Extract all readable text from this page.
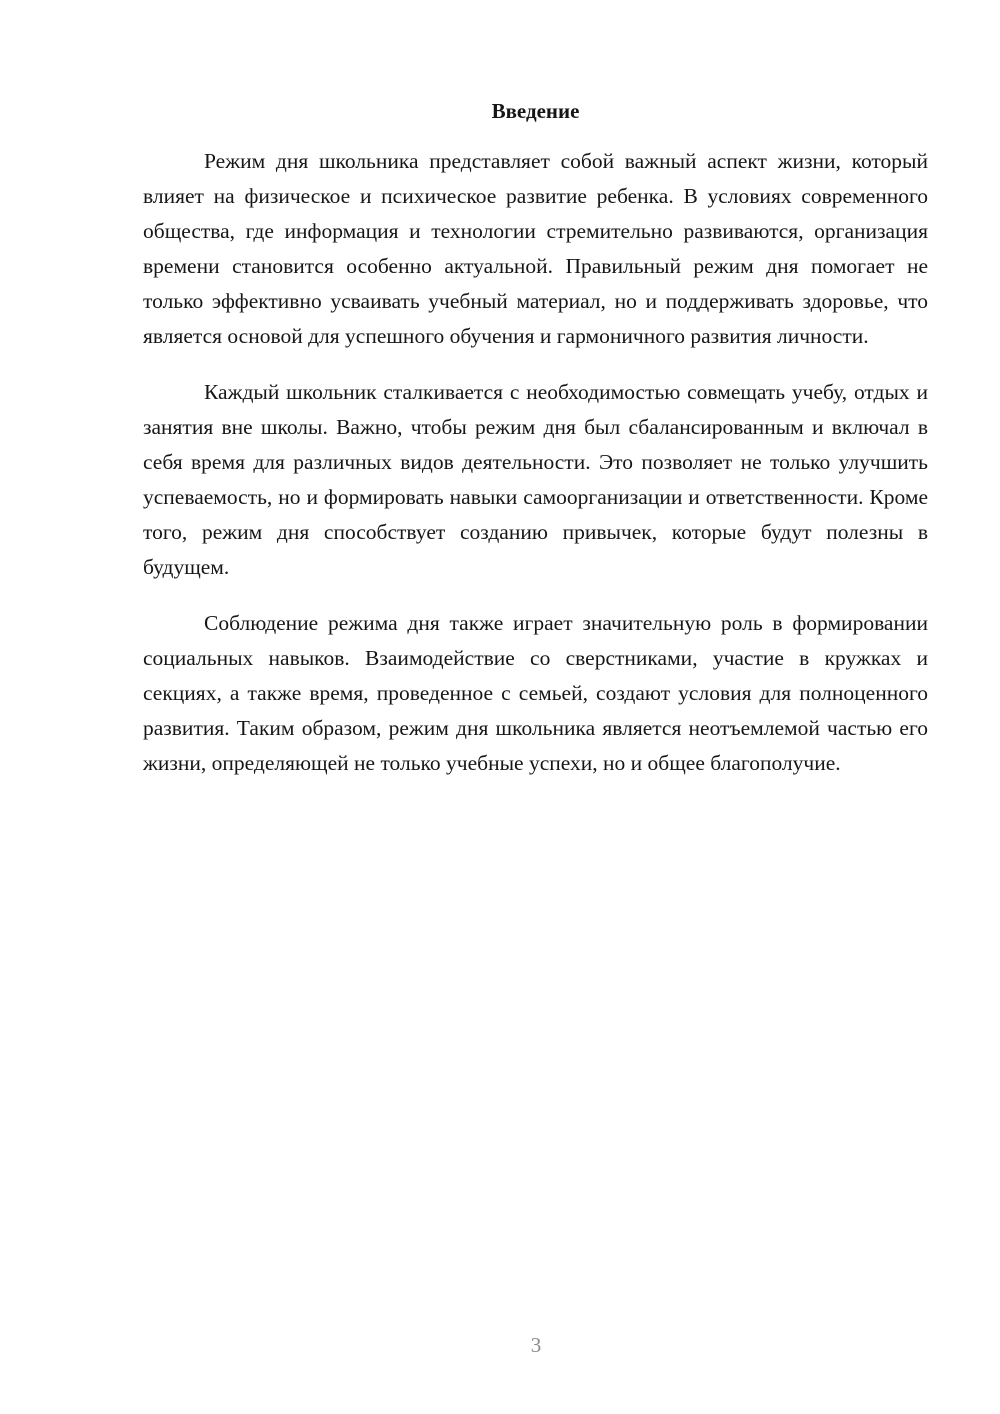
Введение

Режим дня школьника представляет собой важный аспект жизни, который влияет на физическое и психическое развитие ребенка. В условиях современного общества, где информация и технологии стремительно развиваются, организация времени становится особенно актуальной. Правильный режим дня помогает не только эффективно усваивать учебный материал, но и поддерживать здоровье, что является основой для успешного обучения и гармоничного развития личности.

Каждый школьник сталкивается с необходимостью совмещать учебу, отдых и занятия вне школы. Важно, чтобы режим дня был сбалансированным и включал в себя время для различных видов деятельности. Это позволяет не только улучшить успеваемость, но и формировать навыки самоорганизации и ответственности. Кроме того, режим дня способствует созданию привычек, которые будут полезны в будущем.

Соблюдение режима дня также играет значительную роль в формировании социальных навыков. Взаимодействие со сверстниками, участие в кружках и секциях, а также время, проведенное с семьей, создают условия для полноценного развития. Таким образом, режим дня школьника является неотъемлемой частью его жизни, определяющей не только учебные успехи, но и общее благополучие.

3
